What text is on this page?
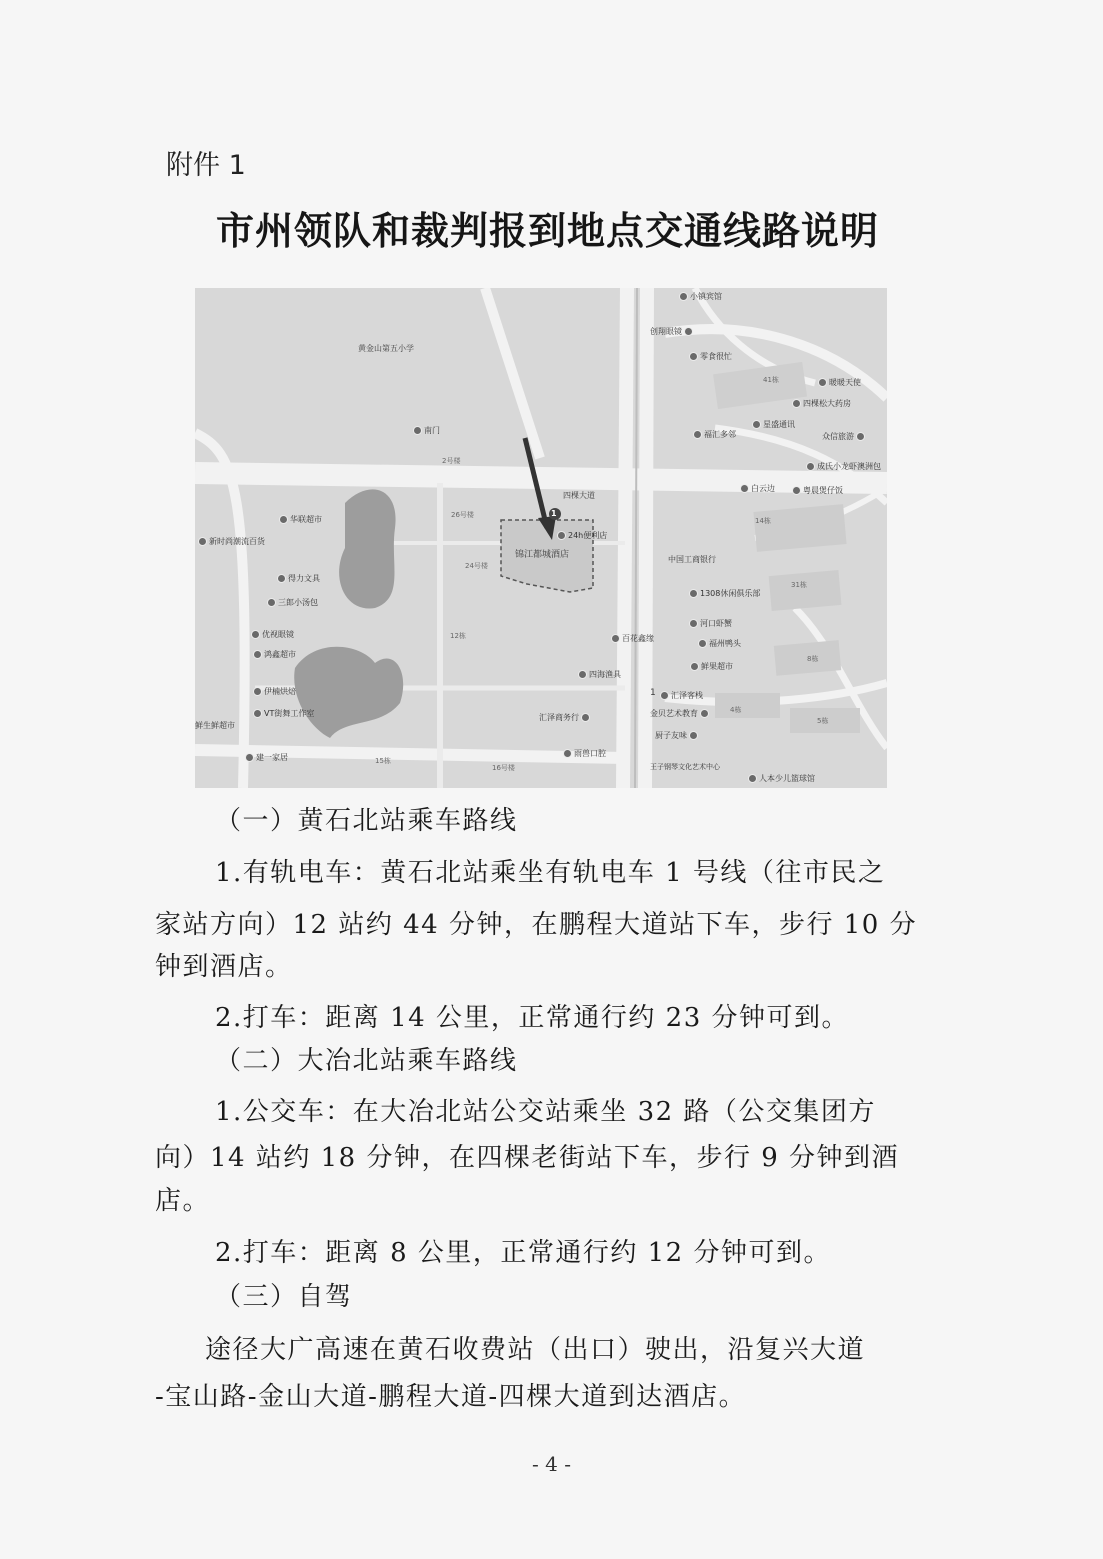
附件 1
市州领队和裁判报到地点交通线路说明
黄金山第五小学
南门
2号楼
四棵大道
26号楼
24号楼
12栋
15栋
16号楼
41栋
14栋
31栋
8栋
4栋
5栋
锦江都城酒店
1
1
24h便利店
小镇宾馆
创翔眼镜
零食很忙
暖暖天使
四棵松大药房
星盛通讯
福汇多邻	众信旅游
成氏小龙虾澳洲包
白云边	粤晨煲仔饭
中国工商银行
1308休闲俱乐部
河口虾蟹
福州鸭头
鲜果超市
汇泽客栈
金贝艺术教育
厨子友味
王子钢琴文化艺术中心
人本少儿篮球馆
百花鑫缘
四海渔具
汇泽商务行
雨兽口腔
华联超市
新时尚潮流百货
得力文具
三郎小汤包
优视眼镜
鸿鑫超市
伊楠烘焙
VT街舞工作室
鲜生鲜超市
建一家居
（一）黄石北站乘车路线
1.有轨电车：黄石北站乘坐有轨电车 1 号线（往市民之
家站方向）12 站约 44 分钟，在鹏程大道站下车，步行 10 分
钟到酒店。
2.打车：距离 14 公里，正常通行约 23 分钟可到。
（二）大冶北站乘车路线
1.公交车：在大冶北站公交站乘坐 32 路（公交集团方
向）14 站约 18 分钟，在四棵老街站下车，步行 9 分钟到酒
店。
2.打车：距离 8 公里，正常通行约 12 分钟可到。
（三）自驾
途径大广高速在黄石收费站（出口）驶出，沿复兴大道
-宝山路-金山大道-鹏程大道-四棵大道到达酒店。
- 4 -
